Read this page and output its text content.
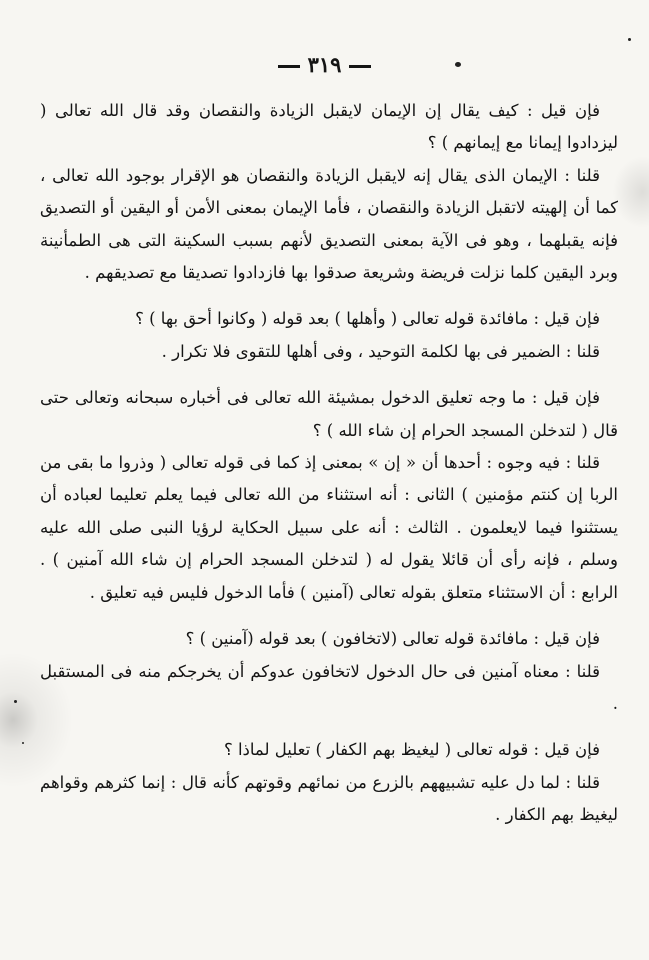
٣١٩

فإن قيل : كيف يقال إن الإيمان لايقبل الزيادة والنقصان وقد قال الله تعالى ( ليزدادوا إيمانا مع إيمانهم ) ؟

قلنا : الإيمان الذى يقال إنه لايقبل الزيادة والنقصان هو الإقرار بوجود الله تعالى ، كما أن إلهيته لاتقبل الزيادة والنقصان ، فأما الإيمان بمعنى الأمن أو اليقين أو التصديق فإنه يقبلهما ، وهو فى الآية بمعنى التصديق لأنهم بسبب السكينة التى هى الطمأنينة وبرد اليقين كلما نزلت فريضة وشريعة صدقوا بها فازدادوا تصديقا مع تصديقهم .

فإن قيل : مافائدة قوله تعالى ( وأهلها ) بعد قوله ( وكانوا أحق بها ) ؟

قلنا : الضمير فى بها لكلمة التوحيد ، وفى أهلها للتقوى فلا تكرار .

فإن قيل : ما وجه تعليق الدخول بمشيئة الله تعالى فى أخباره سبحانه وتعالى حتى قال ( لتدخلن المسجد الحرام إن شاء الله ) ؟

قلنا : فيه وجوه : أحدها أن « إن » بمعنى إذ كما فى قوله تعالى ( وذروا ما بقى من الربا إن كنتم مؤمنين ) الثانى : أنه استثناء من الله تعالى فيما يعلم تعليما لعباده أن يستثنوا فيما لايعلمون . الثالث : أنه على سبيل الحكاية لرؤيا النبى صلى الله عليه وسلم ، فإنه رأى أن قائلا يقول له ( لتدخلن المسجد الحرام إن شاء الله آمنين ) . الرابع : أن الاستثناء متعلق بقوله تعالى (آمنين ) فأما الدخول فليس فيه تعليق .

فإن قيل : مافائدة قوله تعالى (لاتخافون ) بعد قوله (آمنين ) ؟

قلنا : معناه آمنين فى حال الدخول لاتخافون عدوكم أن يخرجكم منه فى المستقبل .

فإن قيل : قوله تعالى ( ليغيظ بهم الكفار ) تعليل لماذا ؟

قلنا : لما دل عليه تشبيههم بالزرع من نمائهم وقوتهم كأنه قال : إنما كثرهم وقواهم ليغيظ بهم الكفار .
